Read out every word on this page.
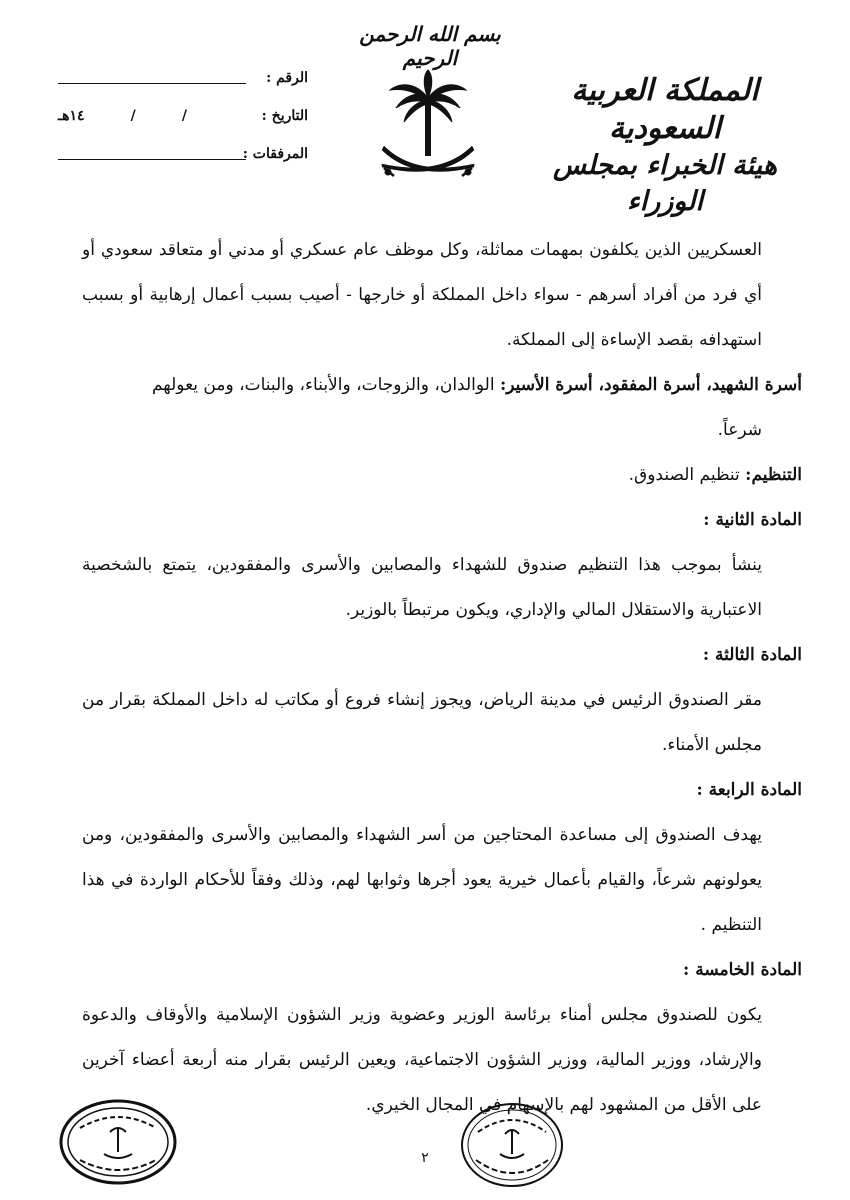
بسم الله الرحمن الرحيم
المملكة العربية السعودية
هيئة الخبراء بمجلس الوزراء
الرقم :
التاريخ :

/
/
١٤هـ
المرفقات :

العسكريين الذين يكلفون بمهمات مماثلة، وكل موظف عام عسكري أو مدني أو متعاقد سعودي أو أي فرد من أفراد أسرهم - سواء داخل المملكة أو خارجها - أصيب بسبب أعمال إرهابية أو بسبب استهدافه بقصد الإساءة إلى المملكة.

أسرة الشهيد، أسرة المفقود، أسرة الأسير: الوالدان، والزوجات، والأبناء، والبنات، ومن يعولهم

شرعاً.

التنظيم: تنظيم الصندوق.

المادة الثانية :

ينشأ بموجب هذا التنظيم صندوق للشهداء والمصابين والأسرى والمفقودين، يتمتع بالشخصية الاعتبارية والاستقلال المالي والإداري، ويكون مرتبطاً بالوزير.

المادة الثالثة :

مقر الصندوق الرئيس في مدينة الرياض، ويجوز إنشاء فروع أو مكاتب له داخل المملكة بقرار من مجلس الأمناء.

المادة الرابعة :

يهدف الصندوق إلى مساعدة المحتاجين من أسر الشهداء والمصابين والأسرى والمفقودين، ومن يعولونهم شرعاً، والقيام بأعمال خيرية يعود أجرها وثوابها لهم، وذلك وفقاً للأحكام الواردة في هذا التنظيم .

المادة الخامسة :

يكون للصندوق مجلس أمناء برئاسة الوزير وعضوية وزير الشؤون الإسلامية والأوقاف والدعوة والإرشاد، ووزير المالية، ووزير الشؤون الاجتماعية، ويعين الرئيس بقرار منه أربعة أعضاء آخرين على الأقل من المشهود لهم بالإسهام في المجال الخيري.

٢
